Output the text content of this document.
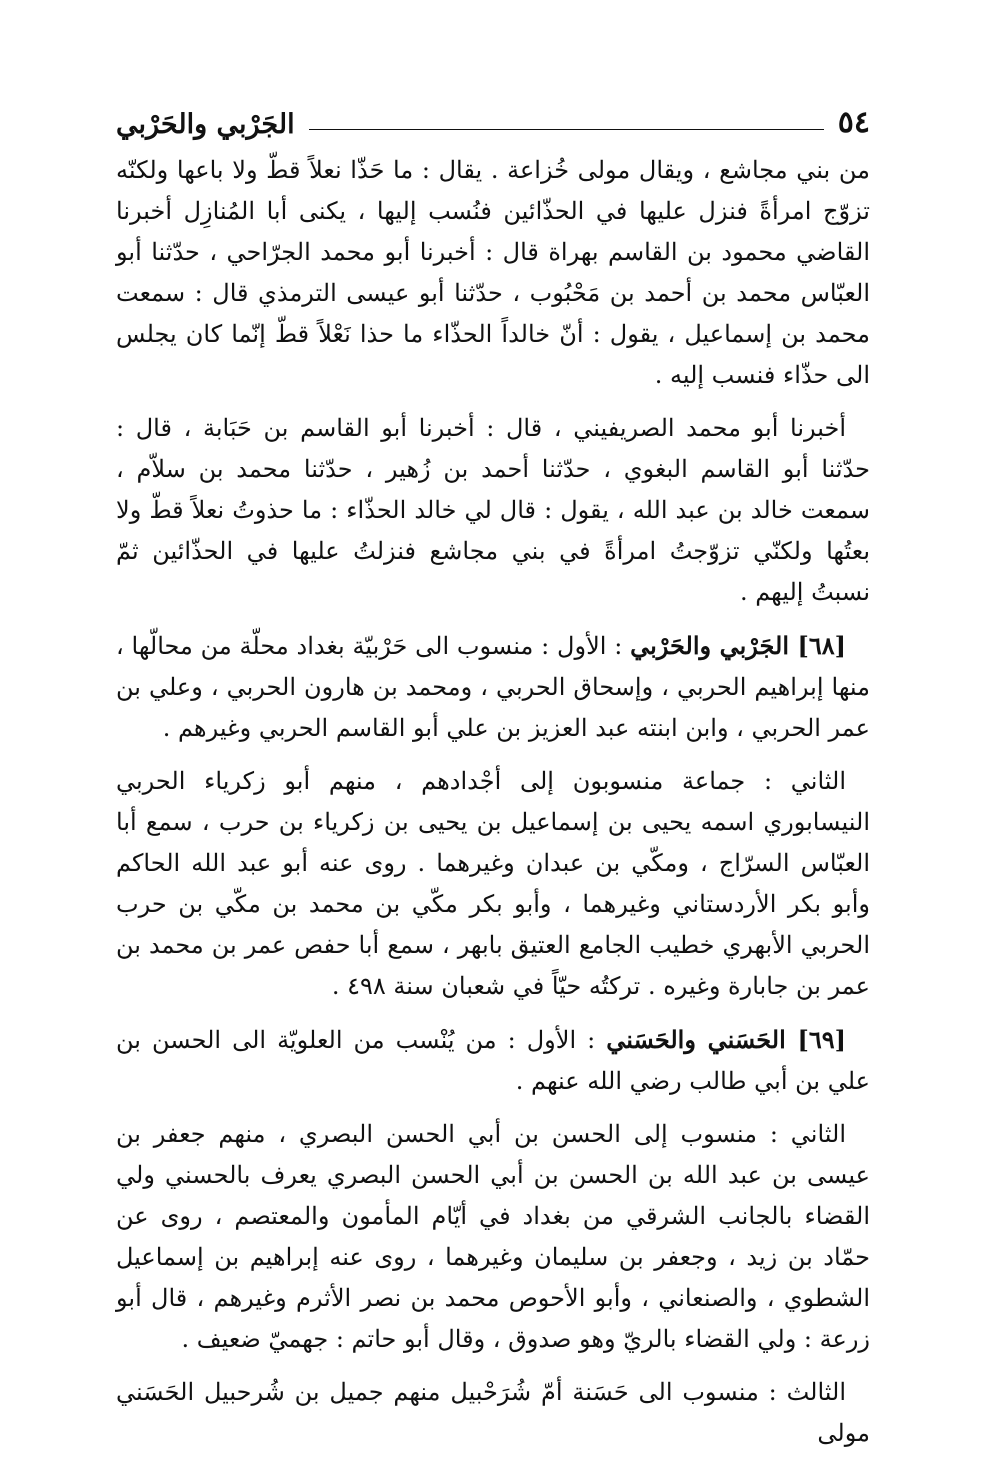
٥٤
الجَرْبي والحَرْبي

من بني مجاشع ، ويقال مولى خُزاعة . يقال : ما حَذّا نعلاً قطّ ولا باعها ولكنّه تزوّج امرأةً فنزل عليها في الحذّائين فنُسب إليها ، يكنى أبا المُنازِل أخبرنا القاضي محمود بن القاسم بهراة قال : أخبرنا أبو محمد الجرّاحي ، حدّثنا أبو العبّاس محمد بن أحمد بن مَحْبُوب ، حدّثنا أبو عيسى الترمذي قال : سمعت محمد بن إسماعيل ، يقول : أنّ خالداً الحذّاء ما حذا نَعْلاً قطّ إنّما كان يجلس الى حذّاء فنسب إليه .

أخبرنا أبو محمد الصريفيني ، قال : أخبرنا أبو القاسم بن حَبَابة ، قال : حدّثنا أبو القاسم البغوي ، حدّثنا أحمد بن زُهير ، حدّثنا محمد بن سلاّم ، سمعت خالد بن عبد الله ، يقول : قال لي خالد الحذّاء : ما حذوتُ نعلاً قطّ ولا بعتُها ولكنّي تزوّجتُ امرأةً في بني مجاشع فنزلتُ عليها في الحذّائين ثمّ نسبتُ إليهم .

[٦٨] الجَرْبي والحَرْبي : الأول : منسوب الى حَرْبيّة بغداد محلّة من محالّها ، منها إبراهيم الحربي ، وإسحاق الحربي ، ومحمد بن هارون الحربي ، وعلي بن عمر الحربي ، وابن ابنته عبد العزيز بن علي أبو القاسم الحربي وغيرهم .

الثاني : جماعة منسوبون إلى أجْدادهم ، منهم أبو زكرياء الحربي النيسابوري اسمه يحيى بن إسماعيل بن يحيى بن زكرياء بن حرب ، سمع أبا العبّاس السرّاج ، ومكّي بن عبدان وغيرهما . روى عنه أبو عبد الله الحاكم وأبو بكر الأردستاني وغيرهما ، وأبو بكر مكّي بن محمد بن مكّي بن حرب الحربي الأبهري خطيب الجامع العتيق بابهر ، سمع أبا حفص عمر بن محمد بن عمر بن جابارة وغيره . تركتُه حيّاً في شعبان سنة ٤٩٨ .

[٦٩] الحَسَني والحَسَني : الأول : من يُنْسب من العلويّة الى الحسن بن علي بن أبي طالب رضي الله عنهم .

الثاني : منسوب إلى الحسن بن أبي الحسن البصري ، منهم جعفر بن عيسى بن عبد الله بن الحسن بن أبي الحسن البصري يعرف بالحسني ولي القضاء بالجانب الشرقي من بغداد في أيّام المأمون والمعتصم ، روى عن حمّاد بن زيد ، وجعفر بن سليمان وغيرهما ، روى عنه إبراهيم بن إسماعيل الشطوي ، والصنعاني ، وأبو الأحوص محمد بن نصر الأثرم وغيرهم ، قال أبو زرعة : ولي القضاء بالريّ وهو صدوق ، وقال أبو حاتم : جهميّ ضعيف .

الثالث : منسوب الى حَسَنة أمّ شُرَحْبيل منهم جميل بن شُرحبيل الحَسَني مولى
